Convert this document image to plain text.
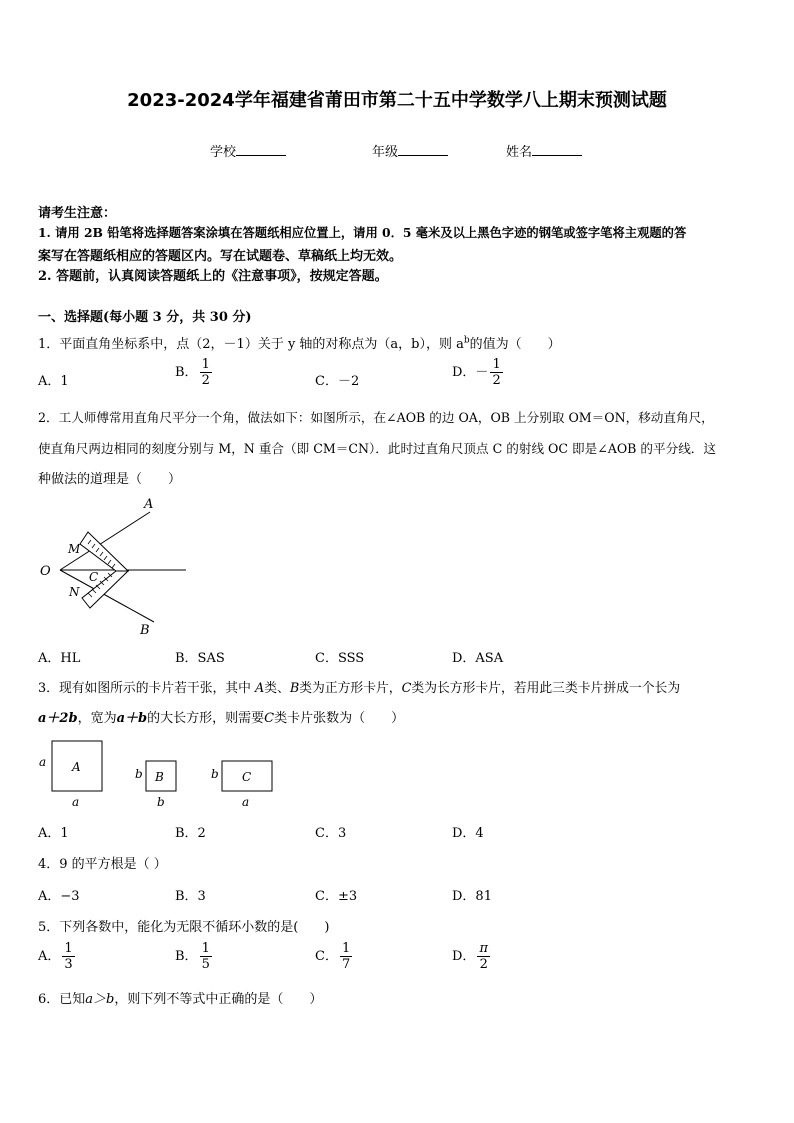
2023-2024学年福建省莆田市第二十五中学数学八上期末预测试题
学校	年级	姓名
请考生注意：
1. 请用 2B 铅笔将选择题答案涂填在答题纸相应位置上，请用 0．5 毫米及以上黑色字迹的钢笔或签字笔将主观题的答
案写在答题纸相应的答题区内。写在试题卷、草稿纸上均无效。
2. 答题前，认真阅读答题纸上的《注意事项》，按规定答题。
一、选择题(每小题 3 分，共 30 分)
1．平面直角坐标系中，点（2，－1）关于 y 轴的对称点为（a，b），则 $a^b$的值为（　　）
A．1
B． $\frac{1}{2}$	C．－2
D．－ $\frac{1}{2}$
2．工人师傅常用直角尺平分一个角，做法如下：如图所示，在∠AOB 的边 OA，OB 上分别取 OM＝ON，移动直角尺，
使直角尺两边相同的刻度分别与 M，N 重合（即 CM＝CN）．此时过直角尺顶点 C 的射线 OC 即是∠AOB 的平分线．这
种做法的道理是（　　）
A
B
O
M
N
C
A．HL	B．SAS	C．SSS	D．ASA
3．现有如图所示的卡片若干张，其中 A类、B类为正方形卡片，C类为长方形卡片，若用此三类卡片拼成一个长为
a＋2b，宽为a＋b的大长方形，则需要C类卡片张数为（　　）
A
a
a
B
b
b
C
b
a
A．1	B．2	C．3	D．4
4．9 的平方根是（ ）
A．−3	B．3	C．±3	D．81
5．下列各数中，能化为无限不循环小数的是(　　)
A． $\frac{1}{3}$	B． $\frac{1}{5}$	C． $\frac{1}{7}$	D． $\frac{\pi}{2}$
6．已知a＞b，则下列不等式中正确的是（　　）
